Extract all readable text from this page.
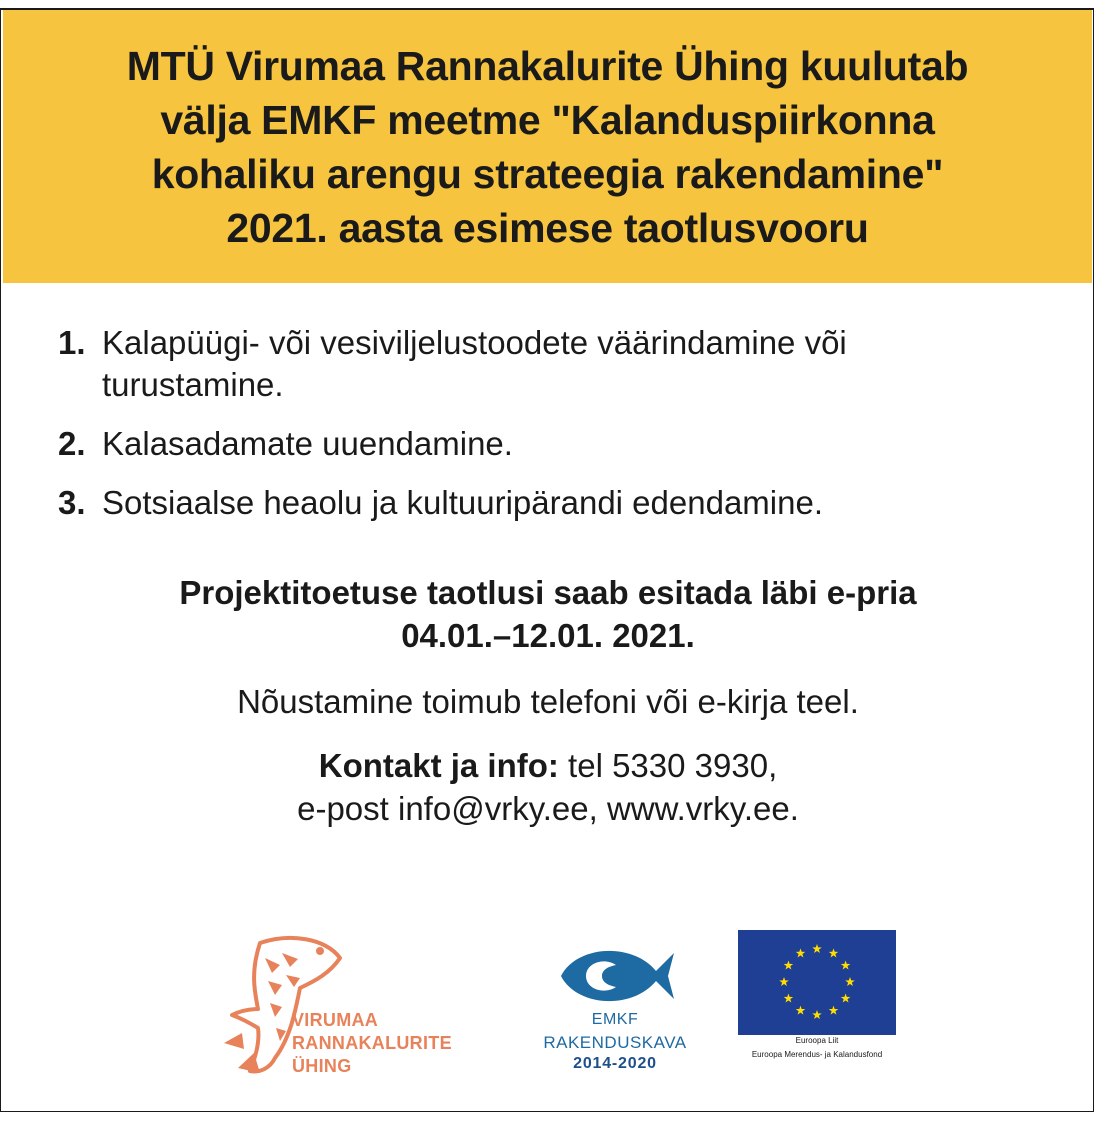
MTÜ Virumaa Rannakalurite Ühing kuulutab
välja EMKF meetme "Kalanduspiirkonna
kohaliku arengu strateegia rakendamine"
2021. aasta esimese taotlusvooru
1. Kalapüügi- või vesiviljelustoodete väärindamine või
turustamine.
2. Kalasadamate uuendamine.
3. Sotsiaalse heaolu ja kultuuripärandi edendamine.
Projektitoetuse taotlusi saab esitada läbi e-pria
04.01.–12.01. 2021.
Nõustamine toimub telefoni või e-kirja teel.
Kontakt ja info: tel 5330 3930,
e-post info@vrky.ee, www.vrky.ee.
VIRUMAA
RANNAKALURITE
ÜHING
EMKF
RAKENDUSKAVA
2014-2020
Euroopa Liit
Euroopa Merendus- ja Kalandusfond
